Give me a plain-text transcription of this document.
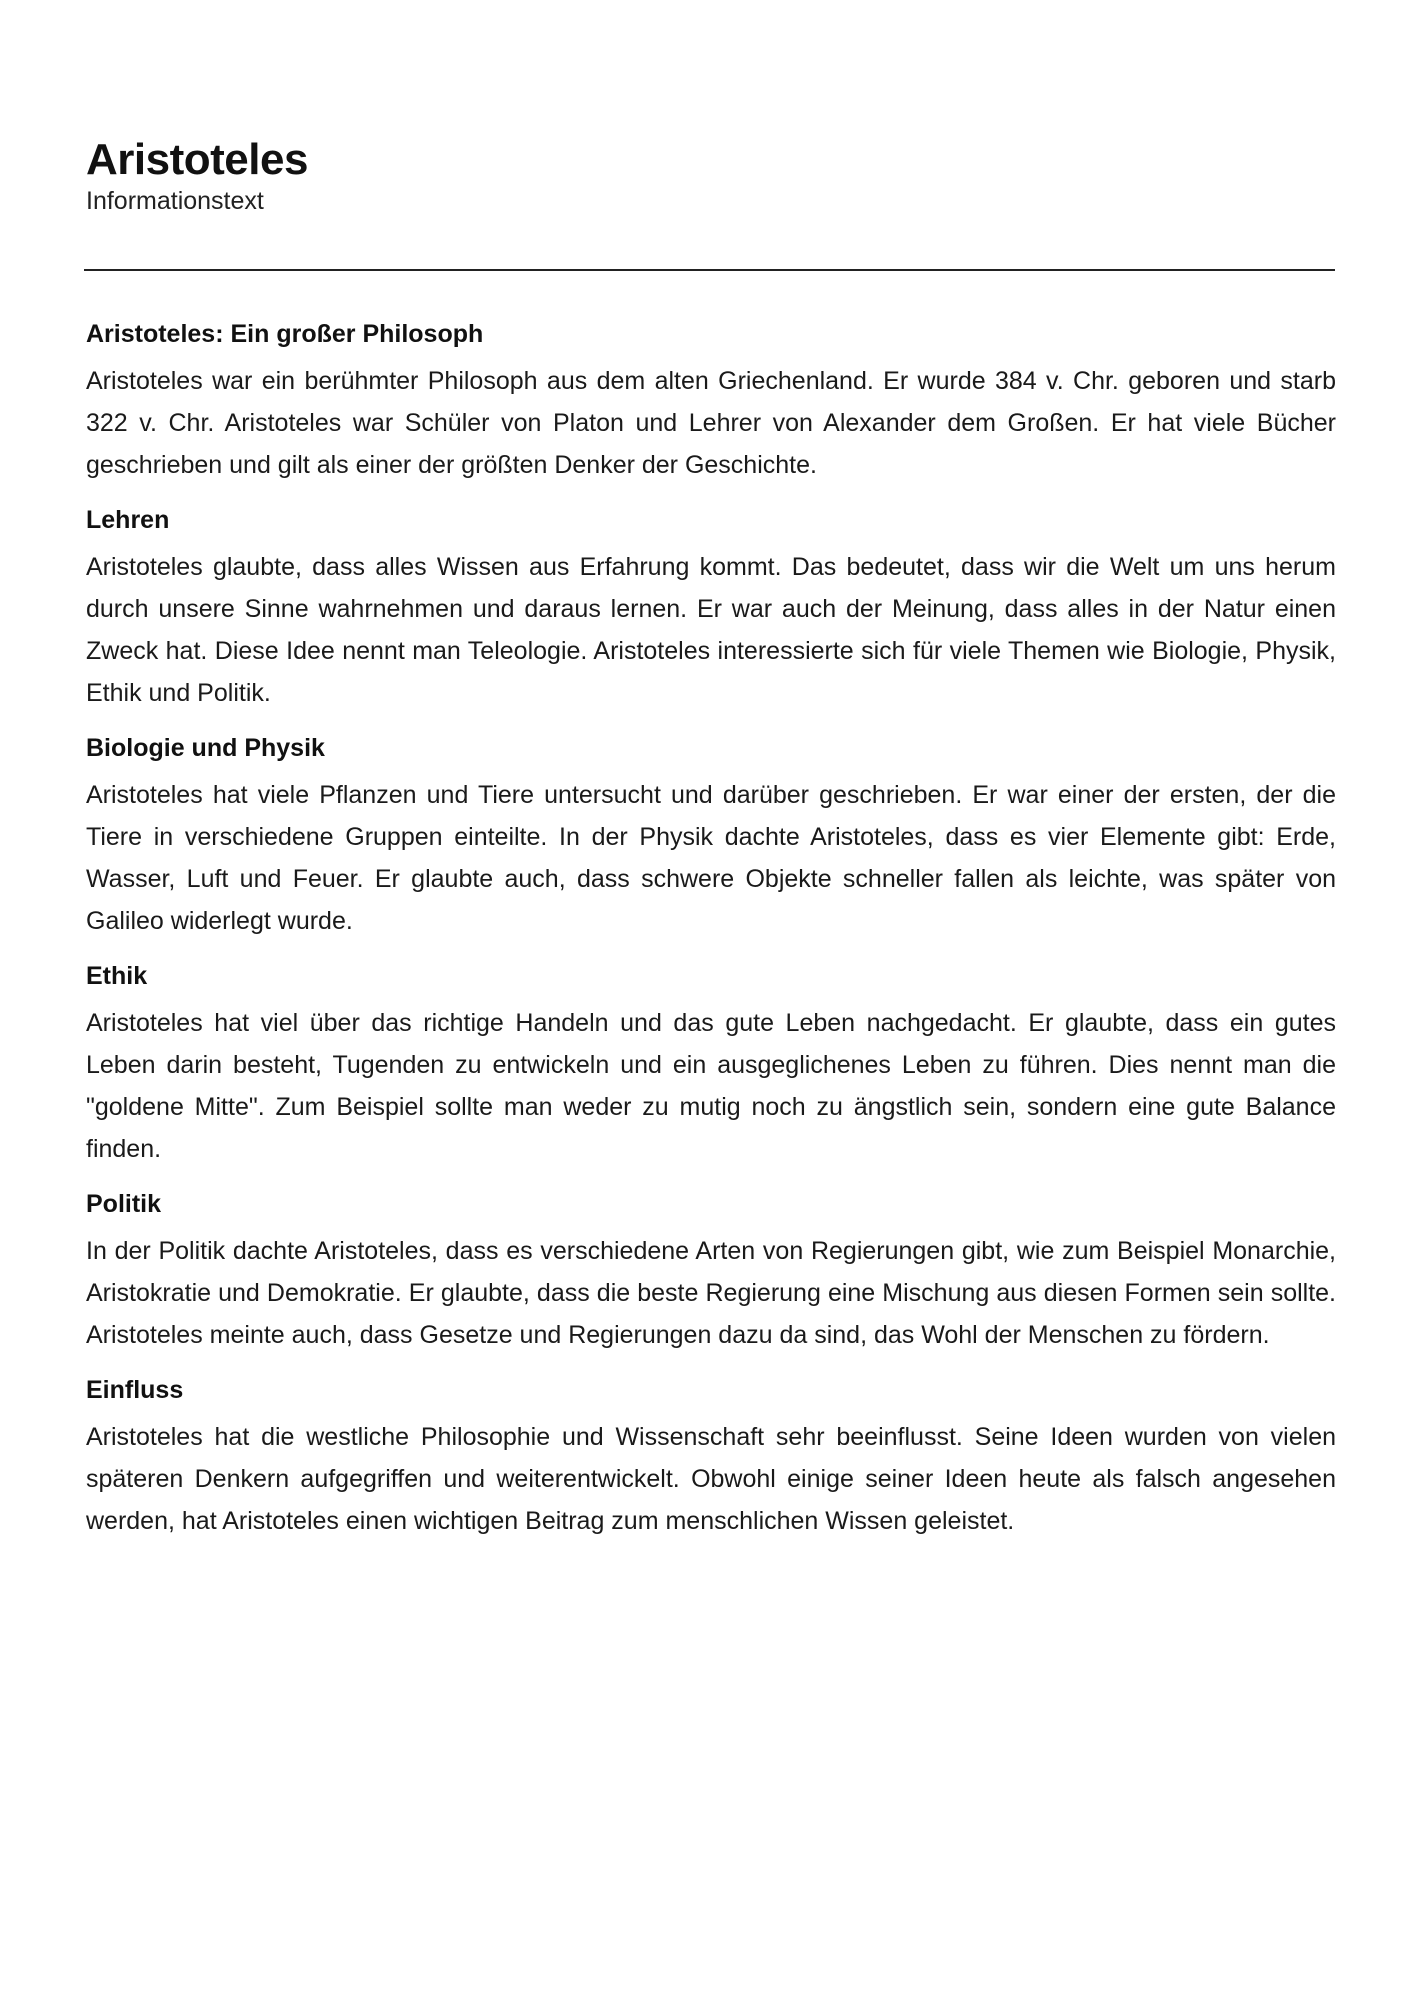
Aristoteles

Informationstext

Aristoteles: Ein großer Philosoph

Aristoteles war ein berühmter Philosoph aus dem alten Griechenland. Er wurde 384 v. Chr. geboren und starb 322 v. Chr. Aristoteles war Schüler von Platon und Lehrer von Alexander dem Großen. Er hat viele Bücher geschrieben und gilt als einer der größten Denker der Geschichte.

Lehren

Aristoteles glaubte, dass alles Wissen aus Erfahrung kommt. Das bedeutet, dass wir die Welt um uns herum durch unsere Sinne wahrnehmen und daraus lernen. Er war auch der Meinung, dass alles in der Natur einen Zweck hat. Diese Idee nennt man Teleologie. Aristoteles interessierte sich für viele Themen wie Biologie, Physik, Ethik und Politik.

Biologie und Physik

Aristoteles hat viele Pflanzen und Tiere untersucht und darüber geschrieben. Er war einer der ersten, der die Tiere in verschiedene Gruppen einteilte. In der Physik dachte Aristoteles, dass es vier Elemente gibt: Erde, Wasser, Luft und Feuer. Er glaubte auch, dass schwere Objekte schneller fallen als leichte, was später von Galileo widerlegt wurde.

Ethik

Aristoteles hat viel über das richtige Handeln und das gute Leben nachgedacht. Er glaubte, dass ein gutes Leben darin besteht, Tugenden zu entwickeln und ein ausgeglichenes Leben zu führen. Dies nennt man die "goldene Mitte". Zum Beispiel sollte man weder zu mutig noch zu ängstlich sein, sondern eine gute Balance finden.

Politik

In der Politik dachte Aristoteles, dass es verschiedene Arten von Regierungen gibt, wie zum Beispiel Monarchie, Aristokratie und Demokratie. Er glaubte, dass die beste Regierung eine Mischung aus diesen Formen sein sollte. Aristoteles meinte auch, dass Gesetze und Regierungen dazu da sind, das Wohl der Menschen zu fördern.

Einfluss

Aristoteles hat die westliche Philosophie und Wissenschaft sehr beeinflusst. Seine Ideen wurden von vielen späteren Denkern aufgegriffen und weiterentwickelt. Obwohl einige seiner Ideen heute als falsch angesehen werden, hat Aristoteles einen wichtigen Beitrag zum menschlichen Wissen geleistet.
